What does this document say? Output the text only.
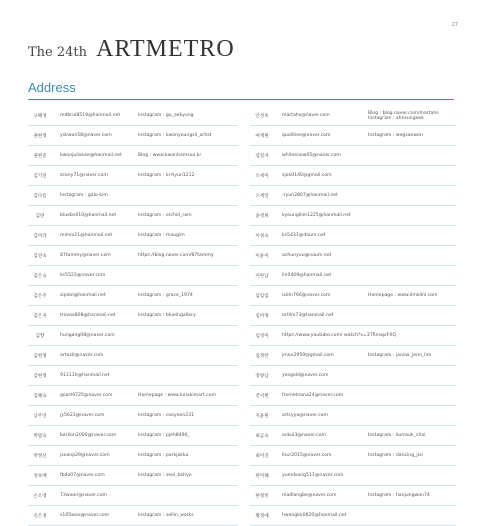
27
The 24th ARTMETRO
Address
구혜경	mdbrul8519@hanmail.net	Instagram : gu_aekyung
권현정	yskwon58@naver.com	Instagram : kwonyoungsil_artist
권현준	kwonjulianse@hanmail.net	Blog : www.kwonhamsoo.kr
김기연	zcony71@naver.com	Instagram : ki-hyun1212
김다름	Instagram : galo-kim
김란	bluebell10@hanmail.net	Instagram : orchid_ram
김미라	mimio21@hanmail.net	Instagram : maugim
김연숙	87tammy@naver.com	https://blog.naver.com/87tammy
김은숙	ks5522@naver.com
김은주	zipdol@hanmail.net	Instagram : grace_1974
김은지	trovoo808@hanmail.net	Instagram : blueingallery
김향	hungang08@naver.com
김현정	artazit@naver.com
김현정	91111h@hanmail.net
김혜숙	goart9725@naver.com	Homepage : www.lunakimart.com
남주연	jy5623@naver.com	Instagram : cooyeon231
박범숙	barlion2000@naver.com	Instagram : pjeh8490_
박정선	jseonp29@naver.com	Instagram : parkjakka
성보배	fbdo07@naver.com	Instagram : seol_bohyo
손소영	73woori@naver.com
신은경	s105woo@naver.com	Instagram : sellin_works
안성옥	martahs@naver.com	Blog : blog.naver.com/martahs
Instagram : ahnsungeok
여재현	qualitiee@naver.com	Instagram : wegsaewon
염길자	whitesnow05@naver.com
오세미	sjoo0140@gmail.com
오세연	-ryun2807@hanmail.net
윤영희	kyoungilim1225@hanmail.net
이성숙	ks5431@daum.net
이윤이	achunyuu@naum.net
이한남	lin0409@hanmail.net
임임임	ixilm766@naver.com	Homepage : www.ilmklinl.com
임미정	artlim73@hanmail.net
임영미	https://www.youtube.com/ watch?v=3TRnsqxFXQ
임정란	jmon2959@gmail.com	Instagram : janiax_jenn_lim
장양남	yesgold@naver.com
전서현	frometnana24@naver.com
지윤원	artcyya@naver.com
최금숙	ocbul3@naver.com	Instagram : kumsuk_choi
최미진	llssr2015@naver.com	Instagram : dancing_jixi
한미혜	yumdsang511@naver.com
한정빈	madlangbe@naver.com	Instagram : hanjungwon74
황경애	hwangkk0820@hanmail.net
